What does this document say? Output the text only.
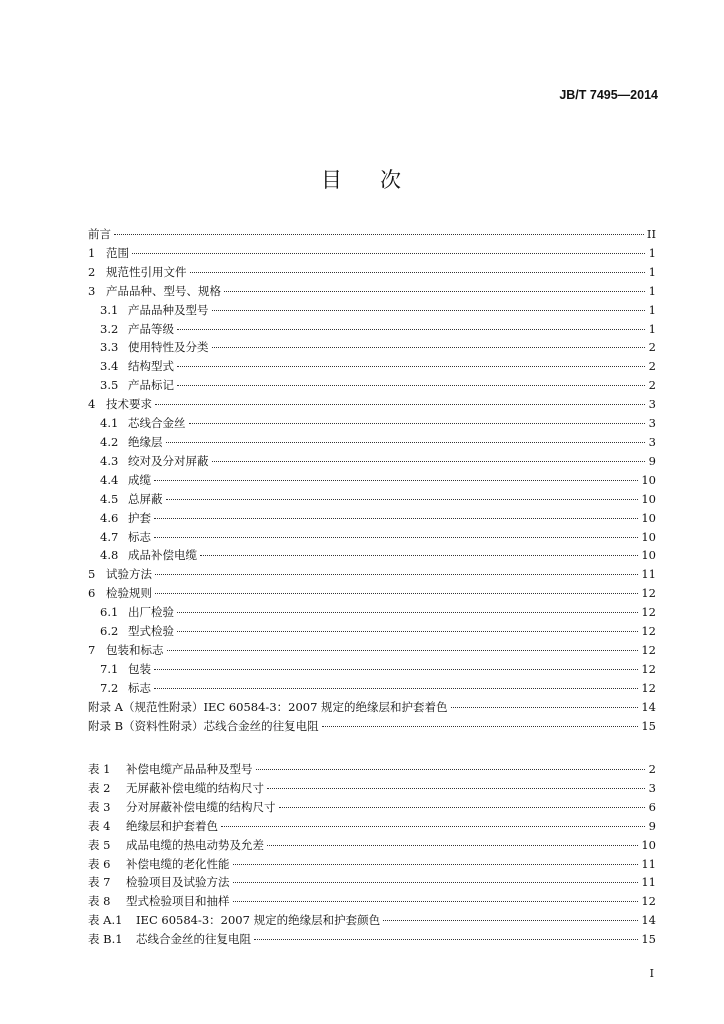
JB/T 7495—2014
目 次
前言	II
1 范围	1
2 规范性引用文件	1
3 产品品种、型号、规格	1
3.1 产品品种及型号	1
3.2 产品等级	1
3.3 使用特性及分类	2
3.4 结构型式	2
3.5 产品标记	2
4 技术要求	3
4.1 芯线合金丝	3
4.2 绝缘层	3
4.3 绞对及分对屏蔽	9
4.4 成缆	10
4.5 总屏蔽	10
4.6 护套	10
4.7 标志	10
4.8 成品补偿电缆	10
5 试验方法	11
6 检验规则	12
6.1 出厂检验	12
6.2 型式检验	12
7 包装和标志	12
7.1 包装	12
7.2 标志	12
附录 A（规范性附录）IEC 60584-3：2007 规定的绝缘层和护套着色	14
附录 B（资料性附录）芯线合金丝的往复电阻	15
表 1	补偿电缆产品品种及型号	2
表 2	无屏蔽补偿电缆的结构尺寸	3
表 3	分对屏蔽补偿电缆的结构尺寸	6
表 4	绝缘层和护套着色	9
表 5	成品电缆的热电动势及允差	10
表 6	补偿电缆的老化性能	11
表 7	检验项目及试验方法	11
表 8	型式检验项目和抽样	12
表 A.1	IEC 60584-3：2007 规定的绝缘层和护套颜色	14
表 B.1	芯线合金丝的往复电阻	15
I
